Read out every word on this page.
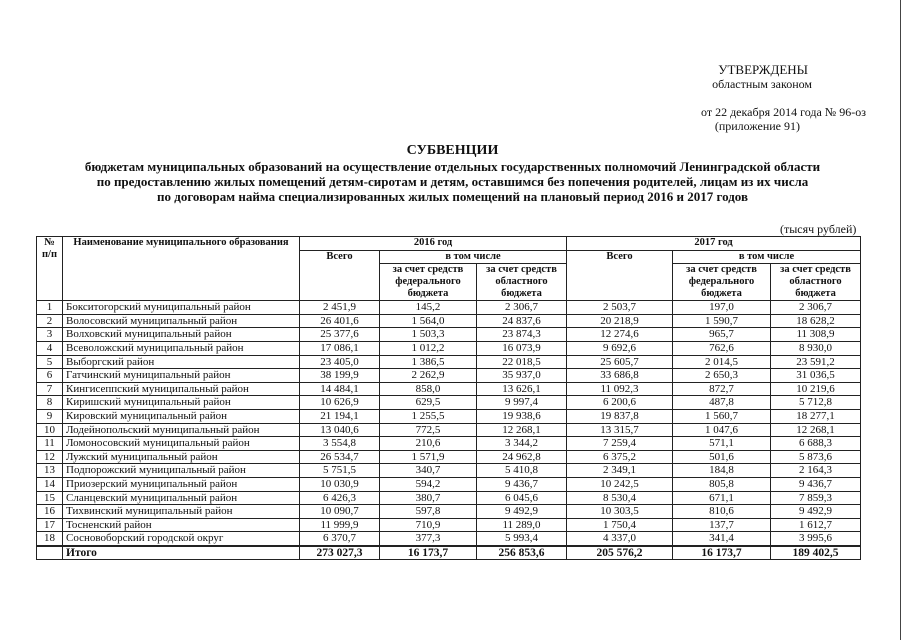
УТВЕРЖДЕНЫ
областным законом
от 22 декабря 2014 года № 96-оз
(приложение 91)
СУБВЕНЦИИ
бюджетам муниципальных образований на осуществление отдельных государственных полномочий Ленинградской области
по предоставлению жилых помещений детям-сиротам и детям, оставшимся без попечения родителей, лицам из их числа
по договорам найма специализированных жилых помещений на плановый период 2016 и 2017 годов
(тысяч рублей)
№ п/п	Наименование муниципального образования	2016 год			2017 год		
		Всего	в том числе		Всего	в том числе	
			за счет средств федерального бюджета	за счет средств областного бюджета		за счет средств федерального бюджета	за счет средств областного бюджета
1	Бокситогорский муниципальный район	2 451,9	145,2	2 306,7	2 503,7	197,0	2 306,7
2	Волосовский муниципальный район	26 401,6	1 564,0	24 837,6	20 218,9	1 590,7	18 628,2
3	Волховский муниципальный район	25 377,6	1 503,3	23 874,3	12 274,6	965,7	11 308,9
4	Всеволожский муниципальный район	17 086,1	1 012,2	16 073,9	9 692,6	762,6	8 930,0
5	Выборгский район	23 405,0	1 386,5	22 018,5	25 605,7	2 014,5	23 591,2
6	Гатчинский муниципальный район	38 199,9	2 262,9	35 937,0	33 686,8	2 650,3	31 036,5
7	Кингисеппский муниципальный район	14 484,1	858,0	13 626,1	11 092,3	872,7	10 219,6
8	Киришский муниципальный район	10 626,9	629,5	9 997,4	6 200,6	487,8	5 712,8
9	Кировский муниципальный район	21 194,1	1 255,5	19 938,6	19 837,8	1 560,7	18 277,1
10	Лодейнопольский муниципальный район	13 040,6	772,5	12 268,1	13 315,7	1 047,6	12 268,1
11	Ломоносовский муниципальный район	3 554,8	210,6	3 344,2	7 259,4	571,1	6 688,3
12	Лужский муниципальный район	26 534,7	1 571,9	24 962,8	6 375,2	501,6	5 873,6
13	Подпорожский муниципальный район	5 751,5	340,7	5 410,8	2 349,1	184,8	2 164,3
14	Приозерский муниципальный район	10 030,9	594,2	9 436,7	10 242,5	805,8	9 436,7
15	Сланцевский муниципальный район	6 426,3	380,7	6 045,6	8 530,4	671,1	7 859,3
16	Тихвинский муниципальный район	10 090,7	597,8	9 492,9	10 303,5	810,6	9 492,9
17	Тосненский район	11 999,9	710,9	11 289,0	1 750,4	137,7	1 612,7
18	Сосновоборский городской округ	6 370,7	377,3	5 993,4	4 337,0	341,4	3 995,6
	Итого	273 027,3	16 173,7	256 853,6	205 576,2	16 173,7	189 402,5
